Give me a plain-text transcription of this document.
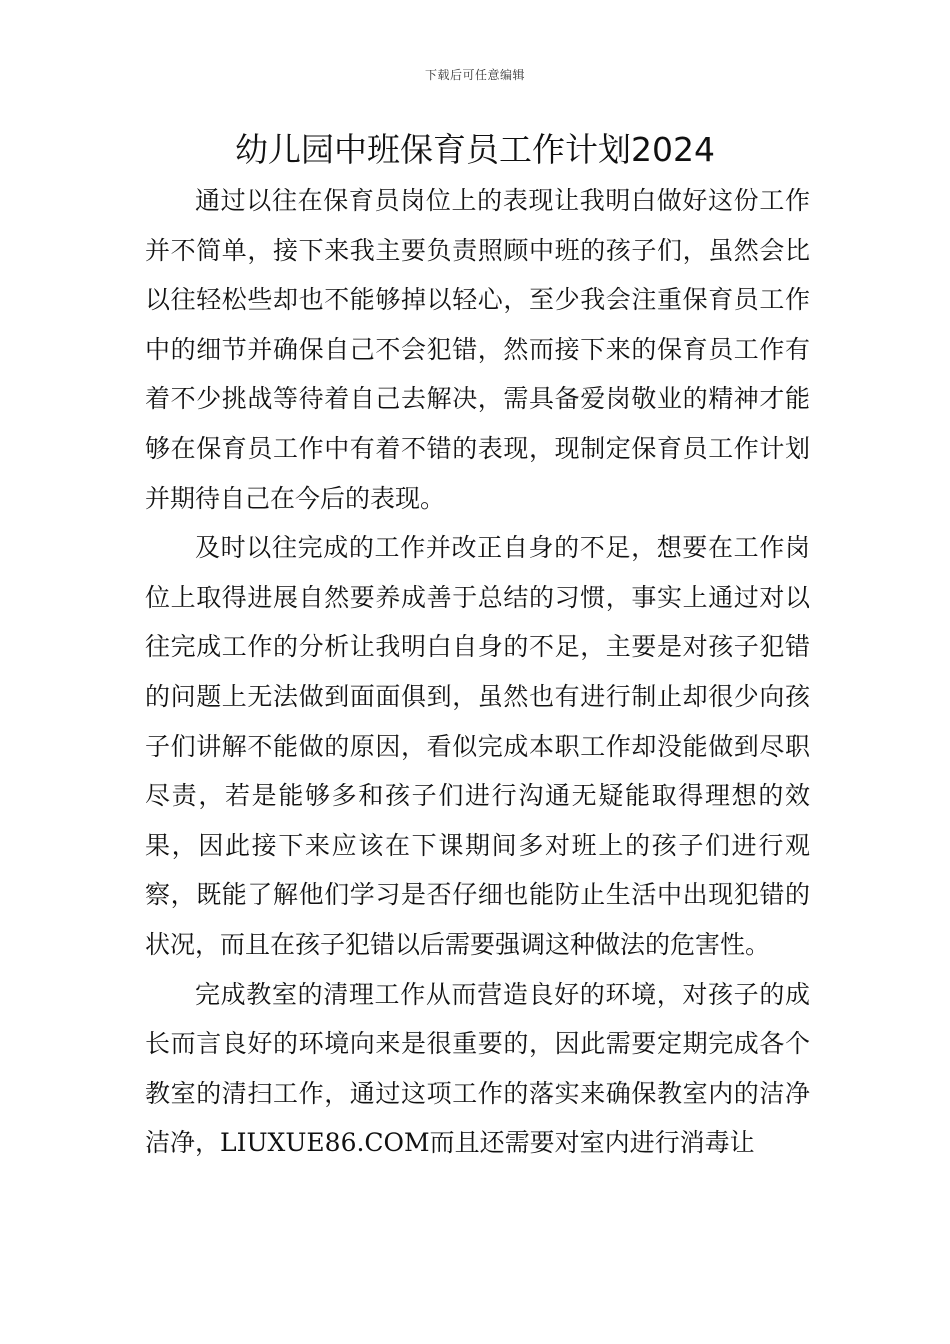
下载后可任意编辑
幼儿园中班保育员工作计划2024

通过以往在保育员岗位上的表现让我明白做好这份工作并不简单，接下来我主要负责照顾中班的孩子们，虽然会比以往轻松些却也不能够掉以轻心，至少我会注重保育员工作中的细节并确保自己不会犯错，然而接下来的保育员工作有着不少挑战等待着自己去解决，需具备爱岗敬业的精神才能够在保育员工作中有着不错的表现，现制定保育员工作计划并期待自己在今后的表现。

及时以往完成的工作并改正自身的不足，想要在工作岗位上取得进展自然要养成善于总结的习惯，事实上通过对以往完成工作的分析让我明白自身的不足，主要是对孩子犯错的问题上无法做到面面俱到，虽然也有进行制止却很少向孩子们讲解不能做的原因，看似完成本职工作却没能做到尽职尽责，若是能够多和孩子们进行沟通无疑能取得理想的效果，因此接下来应该在下课期间多对班上的孩子们进行观察，既能了解他们学习是否仔细也能防止生活中出现犯错的状况，而且在孩子犯错以后需要强调这种做法的危害性。

完成教室的清理工作从而营造良好的环境，对孩子的成长而言良好的环境向来是很重要的，因此需要定期完成各个教室的清扫工作，通过这项工作的落实来确保教室内的洁净洁净，LIUXUE86.COM而且还需要对室内进行消毒让
